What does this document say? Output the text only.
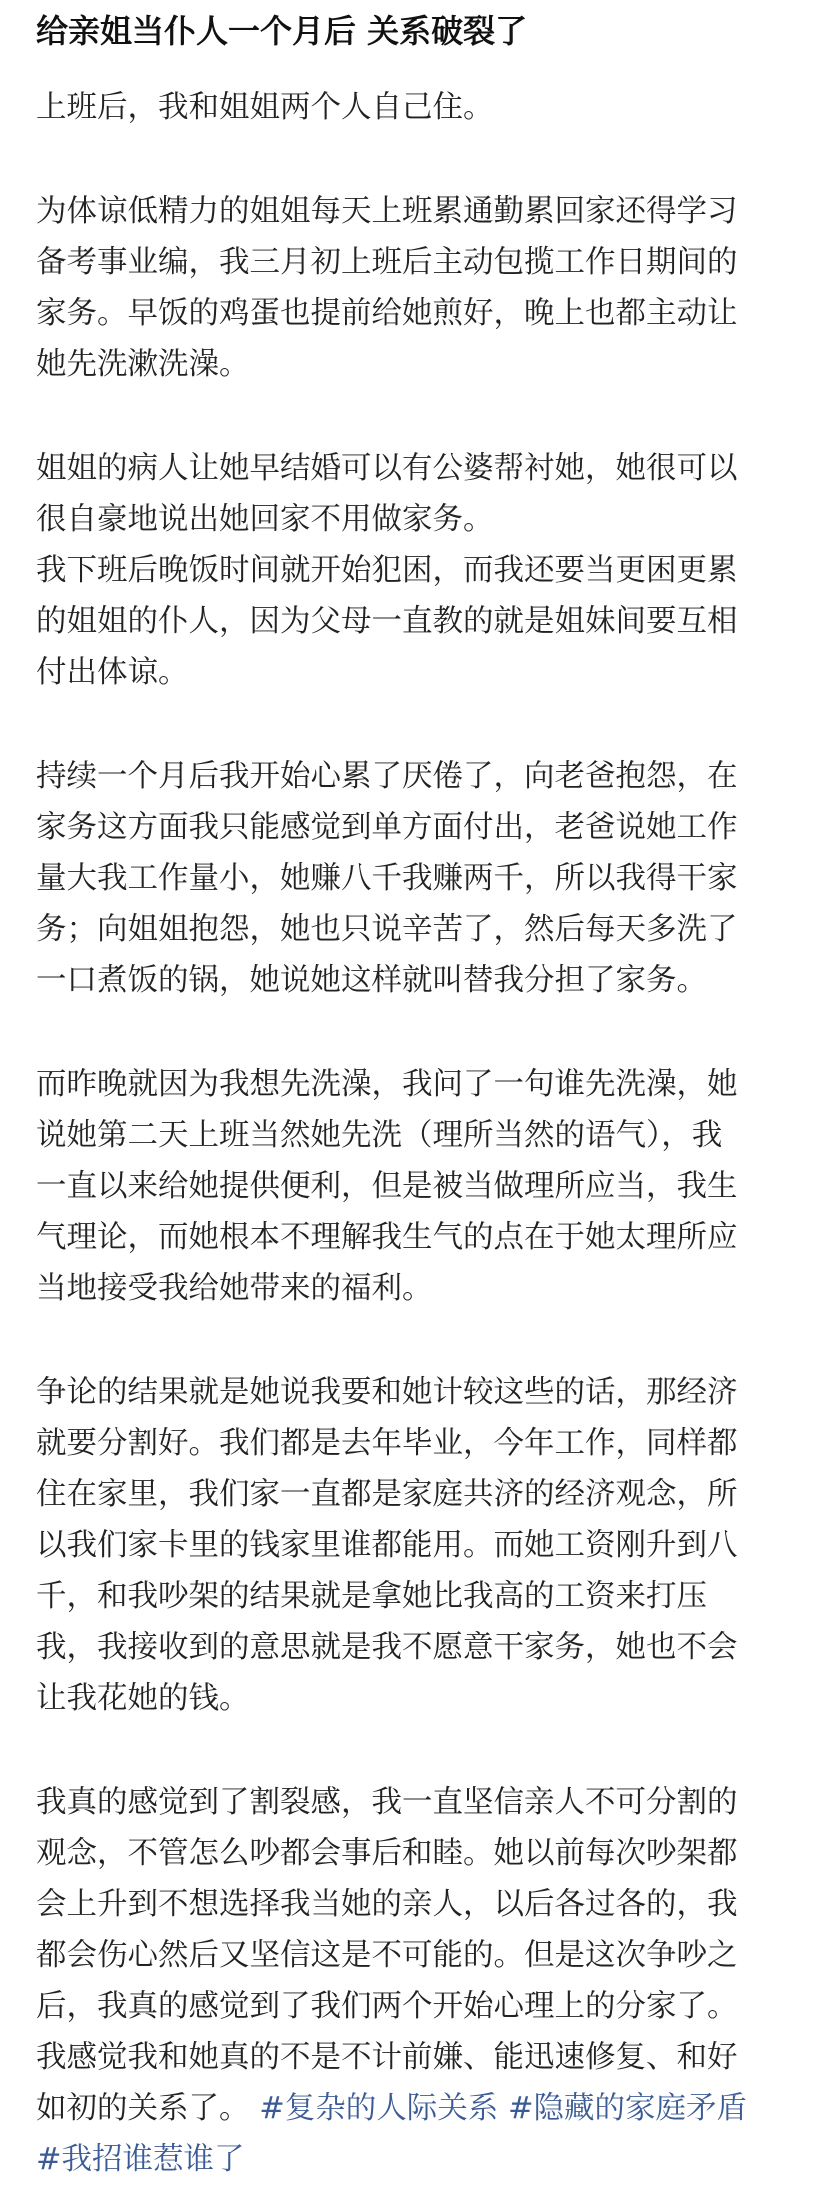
给亲姐当仆人一个月后 关系破裂了

上班后，我和姐姐两个人自己住。

为体谅低精力的姐姐每天上班累通勤累回家还得学习
备考事业编，我三月初上班后主动包揽工作日期间的
家务。早饭的鸡蛋也提前给她煎好，晚上也都主动让
她先洗漱洗澡。

姐姐的病人让她早结婚可以有公婆帮衬她，她很可以
很自豪地说出她回家不用做家务。

我下班后晚饭时间就开始犯困，而我还要当更困更累
的姐姐的仆人，因为父母一直教的就是姐妹间要互相
付出体谅。

持续一个月后我开始心累了厌倦了，向老爸抱怨，在
家务这方面我只能感觉到单方面付出，老爸说她工作
量大我工作量小，她赚八千我赚两千，所以我得干家
务；向姐姐抱怨，她也只说辛苦了，然后每天多洗了
一口煮饭的锅，她说她这样就叫替我分担了家务。

而昨晚就因为我想先洗澡，我问了一句谁先洗澡，她
说她第二天上班当然她先洗（理所当然的语气），我
一直以来给她提供便利，但是被当做理所应当，我生
气理论，而她根本不理解我生气的点在于她太理所应
当地接受我给她带来的福利。

争论的结果就是她说我要和她计较这些的话，那经济
就要分割好。我们都是去年毕业，今年工作，同样都
住在家里，我们家一直都是家庭共济的经济观念，所
以我们家卡里的钱家里谁都能用。而她工资刚升到八
千，和我吵架的结果就是拿她比我高的工资来打压
我，我接收到的意思就是我不愿意干家务，她也不会
让我花她的钱。

我真的感觉到了割裂感，我一直坚信亲人不可分割的
观念，不管怎么吵都会事后和睦。她以前每次吵架都
会上升到不想选择我当她的亲人，以后各过各的，我
都会伤心然后又坚信这是不可能的。但是这次争吵之
后，我真的感觉到了我们两个开始心理上的分家了。
我感觉我和她真的不是不计前嫌、能迅速修复、和好
如初的关系了。 #复杂的人际关系 #隐藏的家庭矛盾
#我招谁惹谁了
